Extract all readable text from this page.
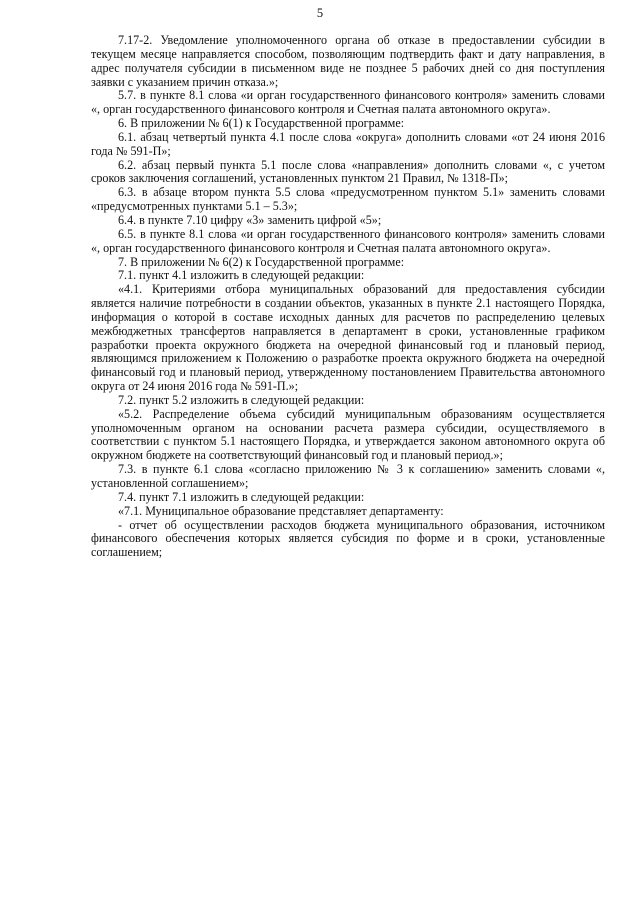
5

7.17-2. Уведомление уполномоченного органа об отказе в предоставлении субсидии в текущем месяце направляется способом, позволяющим подтвердить факт и дату направления, в адрес получателя субсидии в письменном виде не позднее 5 рабочих дней со дня поступления заявки с указанием причин отказа.»;

5.7. в пункте 8.1 слова «и орган государственного финансового контроля» заменить словами «, орган государственного финансового контроля и Счетная палата автономного округа».

6. В приложении № 6(1) к Государственной программе:

6.1. абзац четвертый пункта 4.1 после слова «округа» дополнить словами «от 24 июня 2016 года № 591-П»;

6.2. абзац первый пункта 5.1 после слова «направления» дополнить словами «, с учетом сроков заключения соглашений, установленных пунктом 21 Правил, № 1318-П»;

6.3. в абзаце втором пункта 5.5 слова «предусмотренном пунктом 5.1» заменить словами «предусмотренных пунктами 5.1 – 5.3»;

6.4. в пункте 7.10 цифру «3» заменить цифрой «5»;

6.5. в пункте 8.1 слова «и орган государственного финансового контроля» заменить словами «, орган государственного финансового контроля и Счетная палата автономного округа».

7. В приложении № 6(2) к Государственной программе:

7.1. пункт 4.1 изложить в следующей редакции:

«4.1. Критериями отбора муниципальных образований для предоставления субсидии является наличие потребности в создании объектов, указанных в пункте 2.1 настоящего Порядка, информация о которой в составе исходных данных для расчетов по распределению целевых межбюджетных трансфертов направляется в департамент в сроки, установленные графиком разработки проекта окружного бюджета на очередной финансовый год и плановый период, являющимся приложением к Положению о разработке проекта окружного бюджета на очередной финансовый год и плановый период, утвержденному постановлением Правительства автономного округа от 24 июня 2016 года № 591-П.»;

7.2. пункт 5.2 изложить в следующей редакции:

«5.2. Распределение объема субсидий муниципальным образованиям осуществляется уполномоченным органом на основании расчета размера субсидии, осуществляемого в соответствии с пунктом 5.1 настоящего Порядка, и утверждается законом автономного округа об окружном бюджете на соответствующий финансовый год и плановый период.»;

7.3. в пункте 6.1 слова «согласно приложению № 3 к соглашению» заменить словами «, установленной соглашением»;

7.4. пункт 7.1 изложить в следующей редакции:

«7.1. Муниципальное образование представляет департаменту:

- отчет об осуществлении расходов бюджета муниципального образования, источником финансового обеспечения которых является субсидия по форме и в сроки, установленные соглашением;
